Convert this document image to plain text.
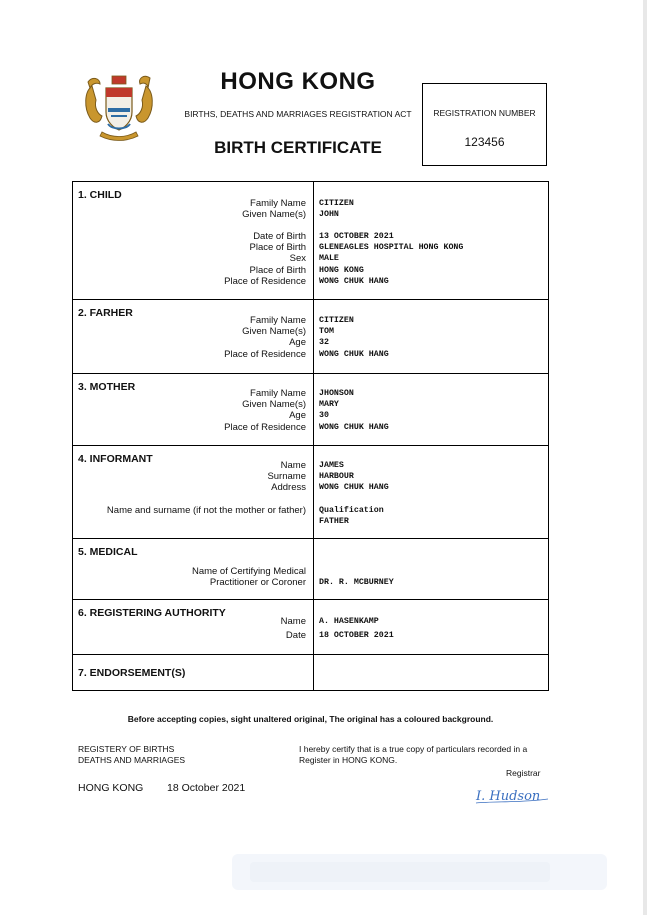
HONG KONG
BIRTHS, DEATHS AND MARRIAGES REGISTRATION ACT
BIRTH CERTIFICATE
REGISTRATION NUMBER
123456
1. CHILD
Family Name
Given Name(s)
CITIZEN
JOHN
Date of Birth
Place of Birth
Sex
Place of Birth
Place of Residence
13 OCTOBER 2021
GLENEAGLES HOSPITAL HONG KONG
MALE
HONG KONG
WONG CHUK HANG
2. FARHER
Family Name
Given Name(s)
Age
Place of Residence
CITIZEN
TOM
32
WONG CHUK HANG
3. MOTHER
Family Name
Given Name(s)
Age
Place of Residence
JHONSON
MARY
30
WONG CHUK HANG
4. INFORMANT
Name
Surname
Address
JAMES
HARBOUR
WONG CHUK HANG
Name and surname (if not the mother or father) Qualification
FATHER
5. MEDICAL
Name of Certifying Medical
Practitioner or Coroner DR. R. MCBURNEY
6. REGISTERING AUTHORITY
Name
Date
A. HASENKAMP
18 OCTOBER 2021
7. ENDORSEMENT(S)
Before accepting copies, sight unaltered original, The original has a coloured background.
REGISTERY OF BIRTHS
DEATHS AND MARRIAGES
I hereby certify that is a true copy of particulars recorded in a
Register in HONG KONG.
Registrar
HONG KONG 18 October 2021
I. Hudson
